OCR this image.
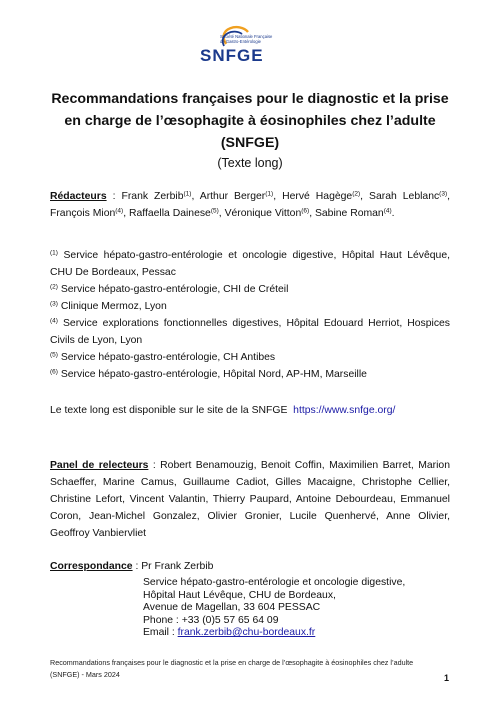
Société Nationale Française
de Gastro-Entérologie
SNFGE
Recommandations françaises pour le diagnostic et la prise
en charge de l’œsophagite à éosinophiles chez l’adulte
(SNFGE)
(Texte long)
Rédacteurs : Frank Zerbib$^{(1)}$, Arthur Berger$^{(1)}$, Hervé Hagège$^{(2)}$, Sarah Leblanc$^{(3)}$,
François Mion$^{(4)}$, Raffaella Dainese$^{(5)}$, Véronique Vitton$^{(6)}$, Sabine Roman$^{(4)}$.
$^{(1)}$ Service hépato-gastro-entérologie et oncologie digestive, Hôpital Haut Lévêque,
CHU De Bordeaux, Pessac
$^{(2)}$ Service hépato-gastro-entérologie, CHI de Créteil
$^{(3)}$ Clinique Mermoz, Lyon
$^{(4)}$ Service explorations fonctionnelles digestives, Hôpital Edouard Herriot, Hospices
Civils de Lyon, Lyon
$^{(5)}$ Service hépato-gastro-entérologie, CH Antibes
$^{(6)}$ Service hépato-gastro-entérologie, Hôpital Nord, AP-HM, Marseille
Le texte long est disponible sur le site de la SNFGE https://www.snfge.org/
Panel de relecteurs : Robert Benamouzig, Benoit Coffin, Maximilien Barret, Marion
Schaeffer, Marine Camus, Guillaume Cadiot, Gilles Macaigne, Christophe Cellier,
Christine Lefort, Vincent Valantin, Thierry Paupard, Antoine Debourdeau, Emmanuel
Coron, Jean-Michel Gonzalez, Olivier Gronier, Lucile Quenhervé, Anne Olivier,
Geoffroy Vanbiervliet
Correspondance : Pr Frank Zerbib
Service hépato-gastro-entérologie et oncologie digestive,
Hôpital Haut Lévêque, CHU de Bordeaux,
Avenue de Magellan, 33 604 PESSAC
Phone : +33 (0)5 57 65 64 09
Email : frank.zerbib@chu-bordeaux.fr
Recommandations françaises pour le diagnostic et la prise en charge de l’œsophagite à éosinophiles chez l’adulte
(SNFGE) - Mars 2024	1
